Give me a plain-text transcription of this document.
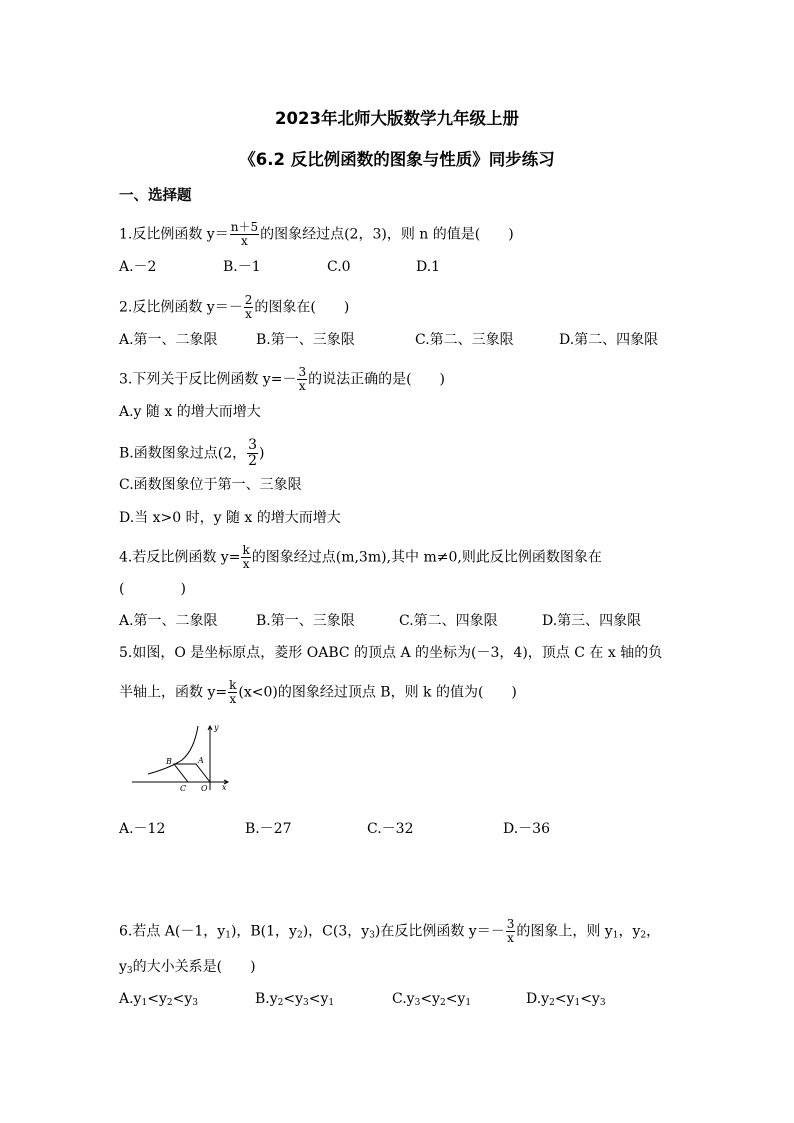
2023年北师大版数学九年级上册
《6.2 反比例函数的图象与性质》同步练习
一、选择题
1.反比例函数 $y= \frac{n+5}{x}$ 的图象经过点(2，3)，则 n 的值是(　　)
A.－2	B.－1	C.0	D.1
2.反比例函数 $y=- \frac{2}{x}$ 的图象在(　　)
A.第一、二象限	B.第一、三象限	C.第二、三象限	D.第二、四象限
3.下列关于反比例函数 $y=- \frac{3}{x}$ 的说法正确的是(　　)
A.y 随 x 的增大而增大
B.函数图象过点(2， $\frac{3}{2}$ )
C.函数图象位于第一、三象限
D.当 x>0 时，y 随 x 的增大而增大
4.若反比例函数 $y= \frac{k}{x}$ 的图象经过点(m,3m),其中 m≠0,则此反比例函数图象在
(　　　　)
A.第一、二象限	B.第一、三象限	C.第二、四象限	D.第三、四象限
5.如图，O 是坐标原点，菱形 OABC 的顶点 A 的坐标为(－3，4)，顶点 C 在 x 轴的负
半轴上，函数 $y= \frac{k}{x} (x<0)$的图象经过顶点 B，则 k 的值为(　　)
y
x
O
A
B
C
A.－12	B.－27	C.－32	D.－36
6.若点 A(－1，$y_1$)，B(1，$y_2$)，C(3，$y_3$)在反比例函数 $y=- \frac{3}{x}$ 的图象上，则 $y_1$，$y_2$，
$y_3$的大小关系是(　　)
$A.y_1<y_2<y_3$	$B.y_2<y_3<y_1$	$C.y_3<y_2<y_1$	$D.y_2<y_1<y_3$
